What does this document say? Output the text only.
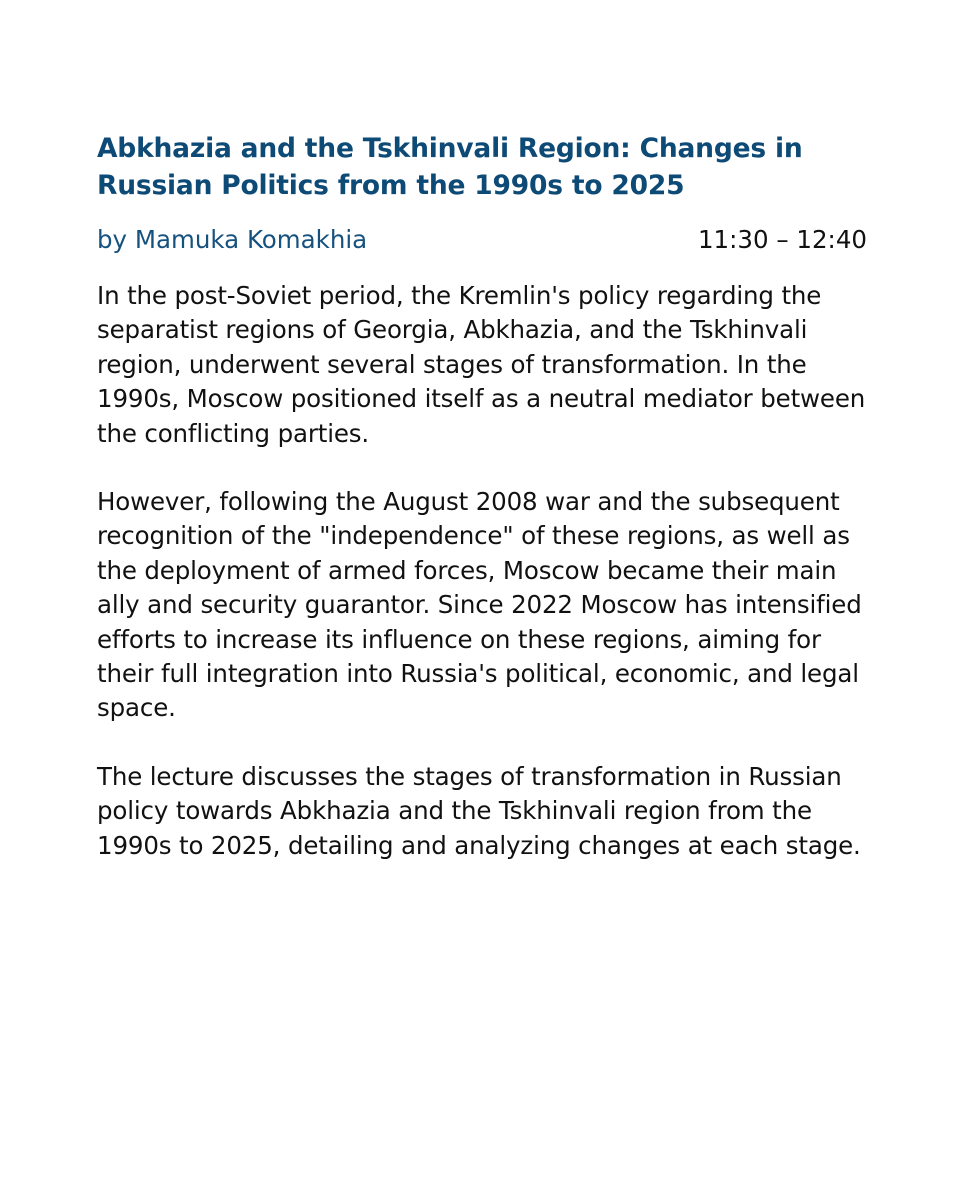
Abkhazia and the Tskhinvali Region: Changes in Russian Politics from the 1990s to 2025
by Mamuka Komakhia	11:30 – 12:40

In the post-Soviet period, the Kremlin's policy regarding the separatist regions of Georgia, Abkhazia, and the Tskhinvali region, underwent several stages of transformation. In the 1990s, Moscow positioned itself as a neutral mediator between the conflicting parties.

However, following the August 2008 war and the subsequent recognition of the "independence" of these regions, as well as the deployment of armed forces, Moscow became their main ally and security guarantor. Since 2022 Moscow has intensified efforts to increase its influence on these regions, aiming for their full integration into Russia's political, economic, and legal space.

The lecture discusses the stages of transformation in Russian policy towards Abkhazia and the Tskhinvali region from the 1990s to 2025, detailing and analyzing changes at each stage.
